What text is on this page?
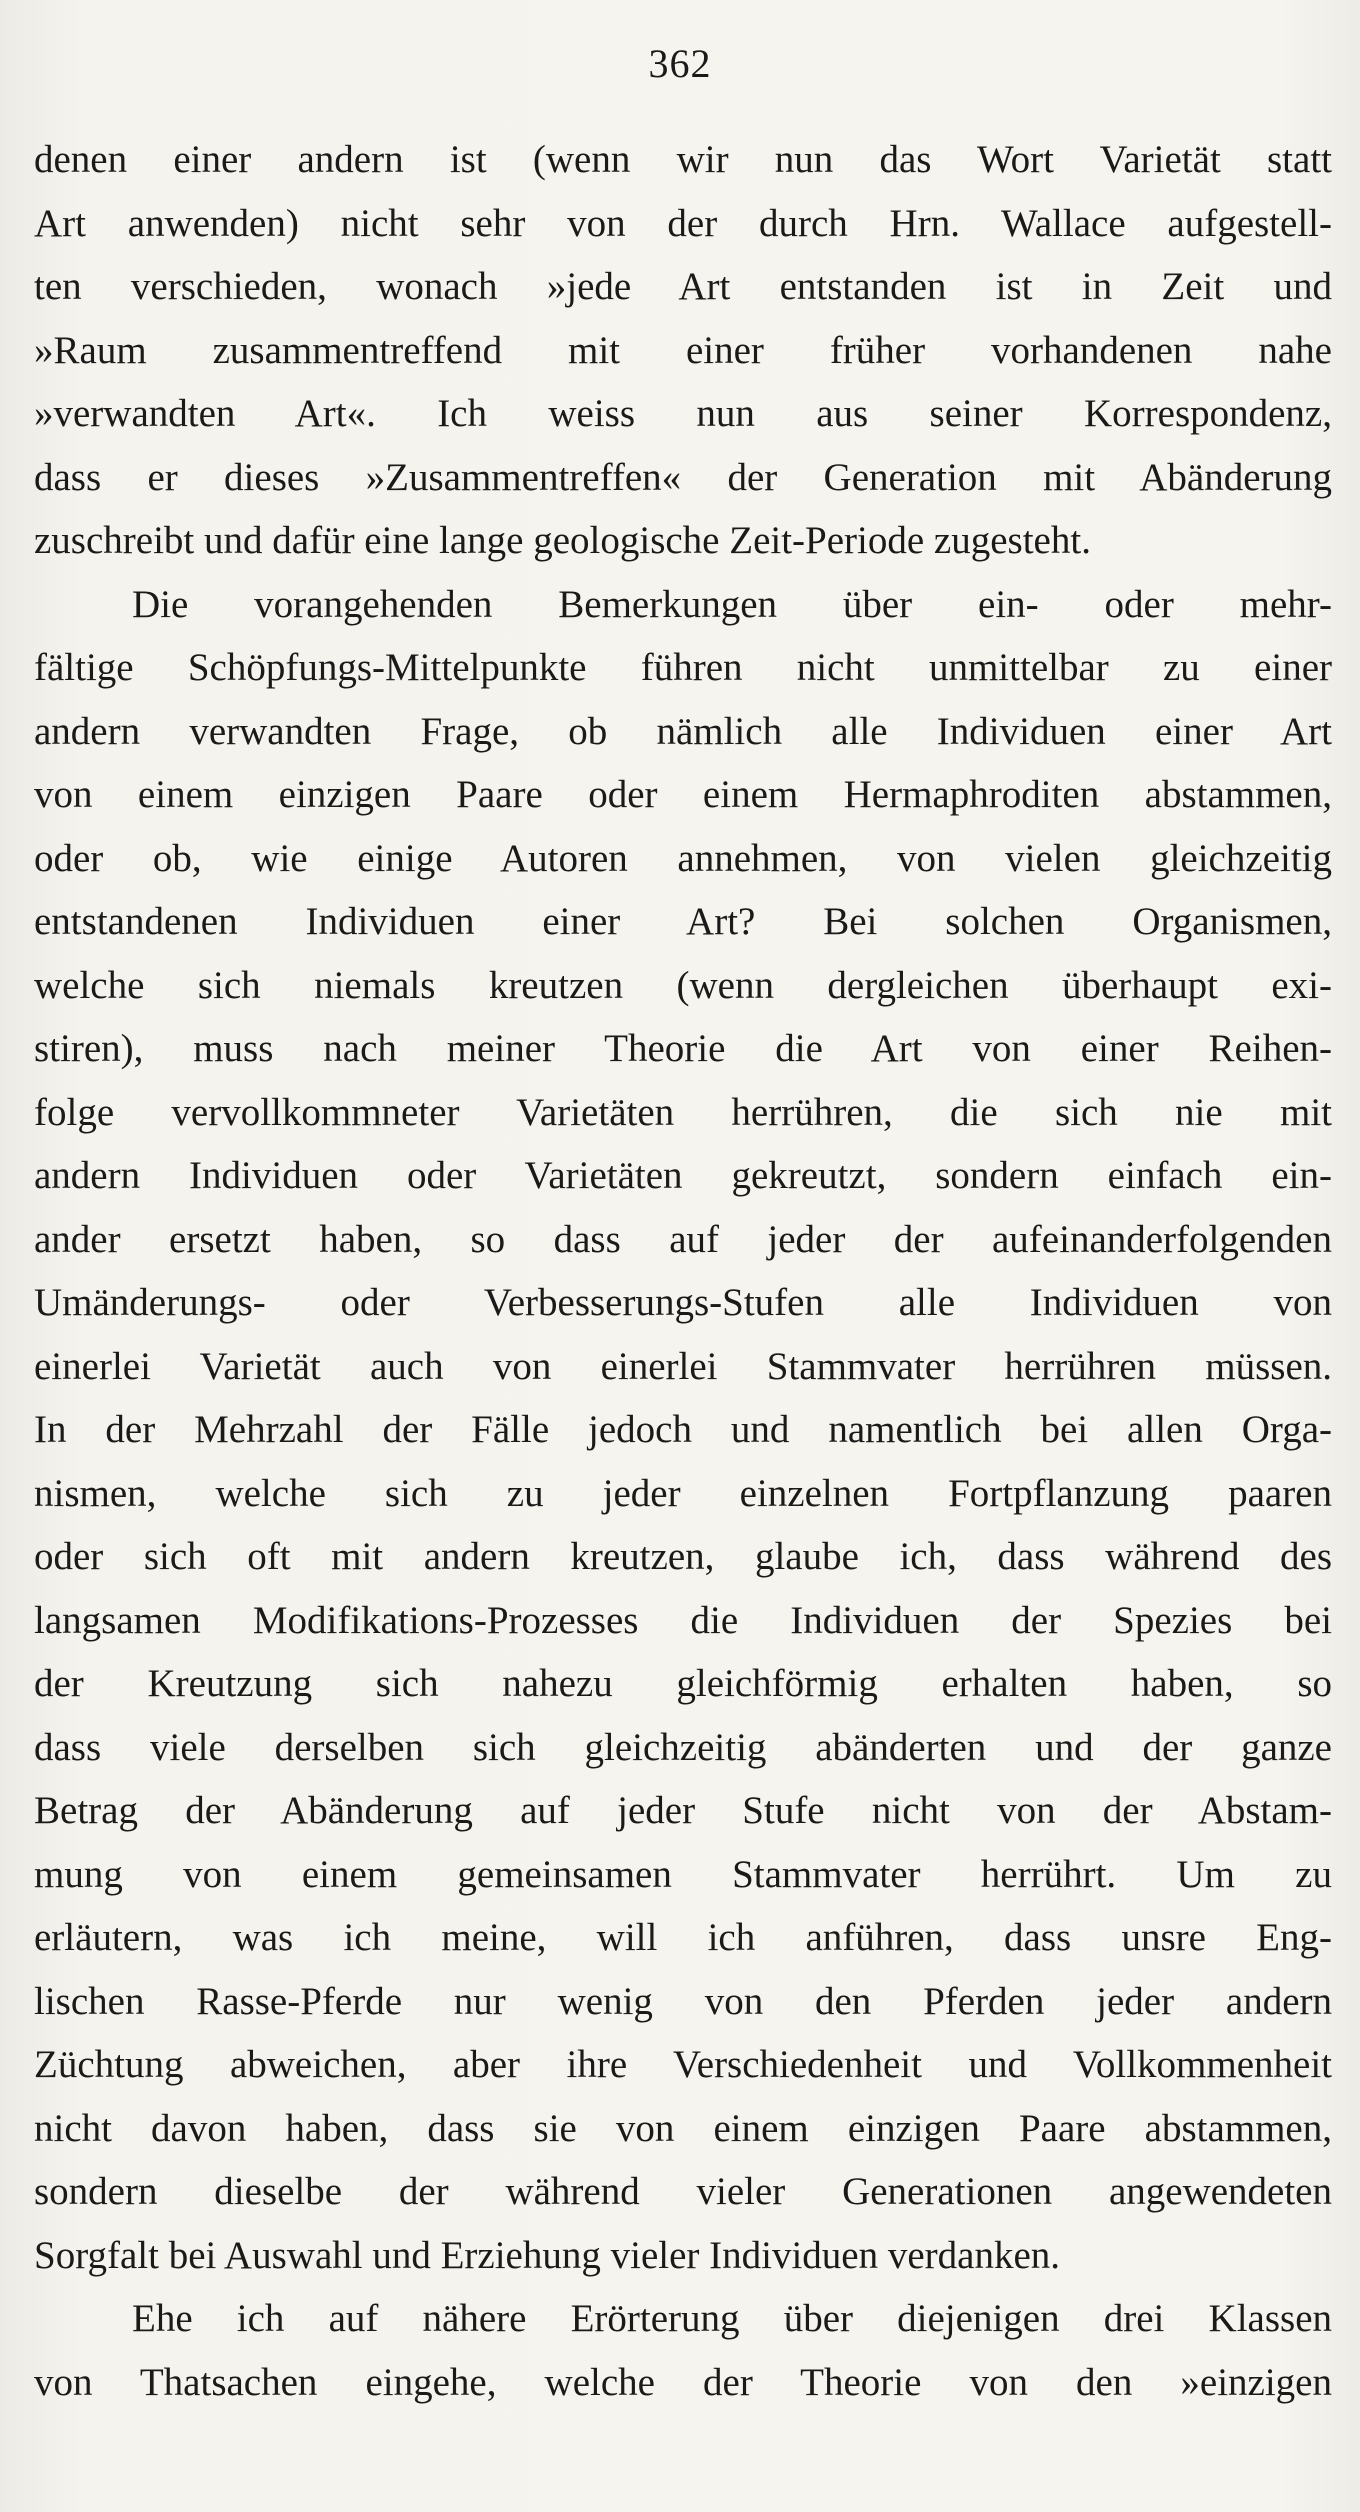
362
denen einer andern ist (wenn wir nun das Wort Varietät statt
Art anwenden) nicht sehr von der durch Hrn. Wallace aufgestell-
ten verschieden, wonach »jede Art entstanden ist in Zeit und
»Raum zusammentreffend mit einer früher vorhandenen nahe
»verwandten Art«. Ich weiss nun aus seiner Korrespondenz,
dass er dieses »Zusammentreffen« der Generation mit Abänderung
zuschreibt und dafür eine lange geologische Zeit-Periode zugesteht.
Die vorangehenden Bemerkungen über ein- oder mehr-
fältige Schöpfungs-Mittelpunkte führen nicht unmittelbar zu einer
andern verwandten Frage, ob nämlich alle Individuen einer Art
von einem einzigen Paare oder einem Hermaphroditen abstammen,
oder ob, wie einige Autoren annehmen, von vielen gleichzeitig
entstandenen Individuen einer Art? Bei solchen Organismen,
welche sich niemals kreutzen (wenn dergleichen überhaupt exi-
stiren), muss nach meiner Theorie die Art von einer Reihen-
folge vervollkommneter Varietäten herrühren, die sich nie mit
andern Individuen oder Varietäten gekreutzt, sondern einfach ein-
ander ersetzt haben, so dass auf jeder der aufeinanderfolgenden
Umänderungs- oder Verbesserungs-Stufen alle Individuen von
einerlei Varietät auch von einerlei Stammvater herrühren müssen.
In der Mehrzahl der Fälle jedoch und namentlich bei allen Orga-
nismen, welche sich zu jeder einzelnen Fortpflanzung paaren
oder sich oft mit andern kreutzen, glaube ich, dass während des
langsamen Modifikations-Prozesses die Individuen der Spezies bei
der Kreutzung sich nahezu gleichförmig erhalten haben, so
dass viele derselben sich gleichzeitig abänderten und der ganze
Betrag der Abänderung auf jeder Stufe nicht von der Abstam-
mung von einem gemeinsamen Stammvater herrührt. Um zu
erläutern, was ich meine, will ich anführen, dass unsre Eng-
lischen Rasse-Pferde nur wenig von den Pferden jeder andern
Züchtung abweichen, aber ihre Verschiedenheit und Vollkommenheit
nicht davon haben, dass sie von einem einzigen Paare abstammen,
sondern dieselbe der während vieler Generationen angewendeten
Sorgfalt bei Auswahl und Erziehung vieler Individuen verdanken.
Ehe ich auf nähere Erörterung über diejenigen drei Klassen
von Thatsachen eingehe, welche der Theorie von den »einzigen
